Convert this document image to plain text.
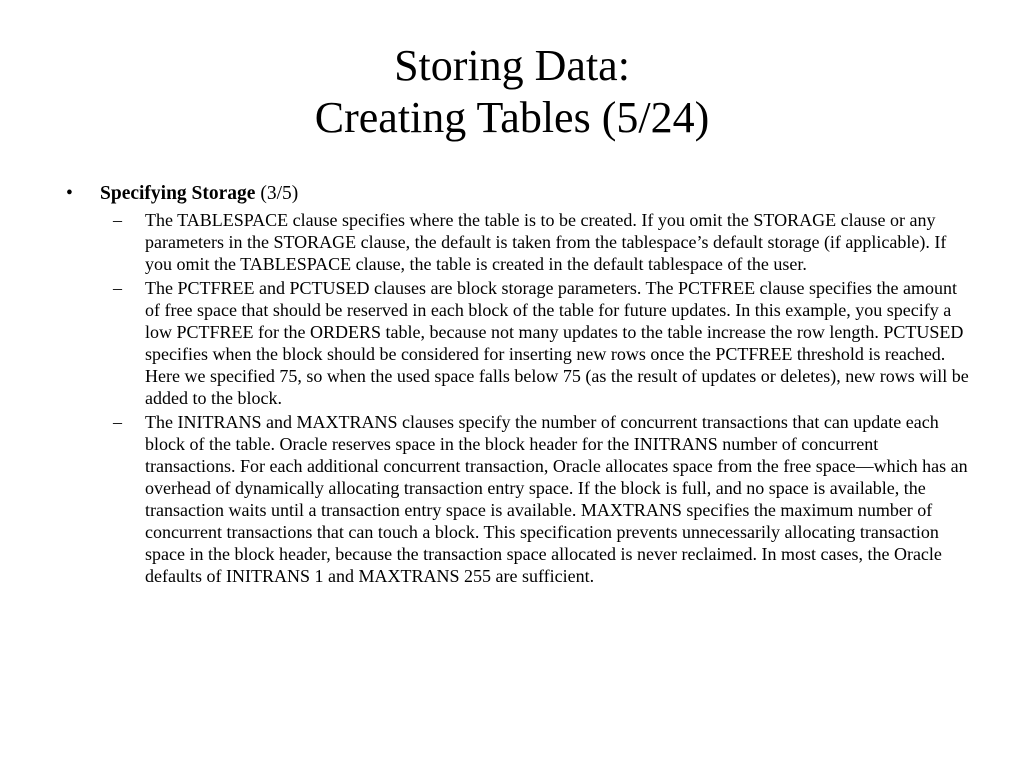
Storing Data:
Creating Tables (5/24)
• Specifying Storage (3/5)
– The TABLESPACE clause specifies where the table is to be created. If you omit the STORAGE clause or any parameters in the STORAGE clause, the default is taken from the tablespace’s default storage (if applicable). If you omit the TABLESPACE clause, the table is created in the default tablespace of the user.
– The PCTFREE and PCTUSED clauses are block storage parameters. The PCTFREE clause specifies the amount of free space that should be reserved in each block of the table for future updates. In this example, you specify a low PCTFREE for the ORDERS table, because not many updates to the table increase the row length. PCTUSED specifies when the block should be considered for inserting new rows once the PCTFREE threshold is reached. Here we specified 75, so when the used space falls below 75 (as the result of updates or deletes), new rows will be added to the block.
– The INITRANS and MAXTRANS clauses specify the number of concurrent transactions that can update each block of the table. Oracle reserves space in the block header for the INITRANS number of concurrent transactions. For each additional concurrent transaction, Oracle allocates space from the free space—which has an overhead of dynamically allocating transaction entry space. If the block is full, and no space is available, the transaction waits until a transaction entry space is available. MAXTRANS specifies the maximum number of concurrent transactions that can touch a block. This specification prevents unnecessarily allocating transaction space in the block header, because the transaction space allocated is never reclaimed. In most cases, the Oracle defaults of INITRANS 1 and MAXTRANS 255 are sufficient.
